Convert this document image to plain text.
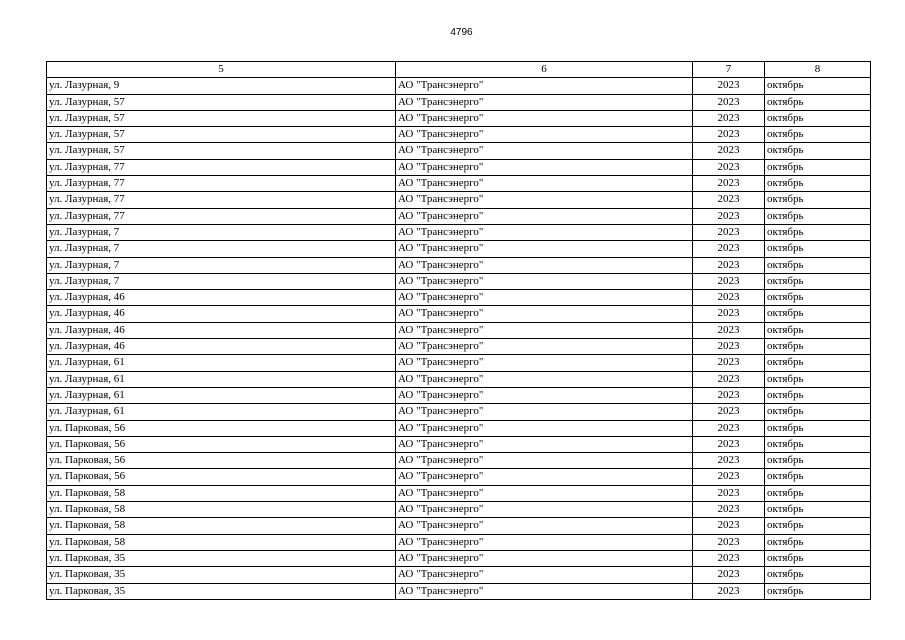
4796
5	6	7	8
ул. Лазурная, 9	АО "Трансэнерго"	2023	октябрь
ул. Лазурная, 57	АО "Трансэнерго"	2023	октябрь
ул. Лазурная, 57	АО "Трансэнерго"	2023	октябрь
ул. Лазурная, 57	АО "Трансэнерго"	2023	октябрь
ул. Лазурная, 57	АО "Трансэнерго"	2023	октябрь
ул. Лазурная, 77	АО "Трансэнерго"	2023	октябрь
ул. Лазурная, 77	АО "Трансэнерго"	2023	октябрь
ул. Лазурная, 77	АО "Трансэнерго"	2023	октябрь
ул. Лазурная, 77	АО "Трансэнерго"	2023	октябрь
ул. Лазурная, 7	АО "Трансэнерго"	2023	октябрь
ул. Лазурная, 7	АО "Трансэнерго"	2023	октябрь
ул. Лазурная, 7	АО "Трансэнерго"	2023	октябрь
ул. Лазурная, 7	АО "Трансэнерго"	2023	октябрь
ул. Лазурная, 46	АО "Трансэнерго"	2023	октябрь
ул. Лазурная, 46	АО "Трансэнерго"	2023	октябрь
ул. Лазурная, 46	АО "Трансэнерго"	2023	октябрь
ул. Лазурная, 46	АО "Трансэнерго"	2023	октябрь
ул. Лазурная, 61	АО "Трансэнерго"	2023	октябрь
ул. Лазурная, 61	АО "Трансэнерго"	2023	октябрь
ул. Лазурная, 61	АО "Трансэнерго"	2023	октябрь
ул. Лазурная, 61	АО "Трансэнерго"	2023	октябрь
ул. Парковая, 56	АО "Трансэнерго"	2023	октябрь
ул. Парковая, 56	АО "Трансэнерго"	2023	октябрь
ул. Парковая, 56	АО "Трансэнерго"	2023	октябрь
ул. Парковая, 56	АО "Трансэнерго"	2023	октябрь
ул. Парковая, 58	АО "Трансэнерго"	2023	октябрь
ул. Парковая, 58	АО "Трансэнерго"	2023	октябрь
ул. Парковая, 58	АО "Трансэнерго"	2023	октябрь
ул. Парковая, 58	АО "Трансэнерго"	2023	октябрь
ул. Парковая, 35	АО "Трансэнерго"	2023	октябрь
ул. Парковая, 35	АО "Трансэнерго"	2023	октябрь
ул. Парковая, 35	АО "Трансэнерго"	2023	октябрь
